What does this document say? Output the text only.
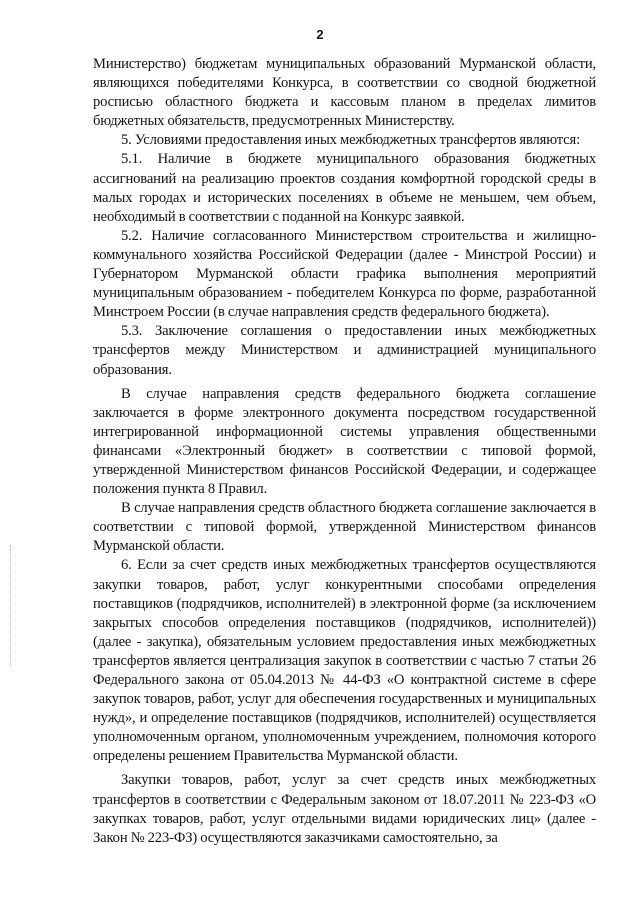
2

Министерство) бюджетам муниципальных образований Мурманской области, являющихся победителями Конкурса, в соответствии со сводной бюджетной росписью областного бюджета и кассовым планом в пределах лимитов бюджетных обязательств, предусмотренных Министерству.

5. Условиями предоставления иных межбюджетных трансфертов являются:

5.1. Наличие в бюджете муниципального образования бюджетных ассигнований на реализацию проектов создания комфортной городской среды в малых городах и исторических поселениях в объеме не меньшем, чем объем, необходимый в соответствии с поданной на Конкурс заявкой.

5.2. Наличие согласованного Министерством строительства и жилищно-коммунального хозяйства Российской Федерации (далее - Минстрой России) и Губернатором Мурманской области графика выполнения мероприятий муниципальным образованием - победителем Конкурса по форме, разработанной Минстроем России (в случае направления средств федерального бюджета).

5.3. Заключение соглашения о предоставлении иных межбюджетных трансфертов между Министерством и администрацией муниципального образования.

В случае направления средств федерального бюджета соглашение заключается в форме электронного документа посредством государственной интегрированной информационной системы управления общественными финансами «Электронный бюджет» в соответствии с типовой формой, утвержденной Министерством финансов Российской Федерации, и содержащее положения пункта 8 Правил.

В случае направления средств областного бюджета соглашение заключается в соответствии с типовой формой, утвержденной Министерством финансов Мурманской области.

6. Если за счет средств иных межбюджетных трансфертов осуществляются закупки товаров, работ, услуг конкурентными способами определения поставщиков (подрядчиков, исполнителей) в электронной форме (за исключением закрытых способов определения поставщиков (подрядчиков, исполнителей)) (далее - закупка), обязательным условием предоставления иных межбюджетных трансфертов является централизация закупок в соответствии с частью 7 статьи 26 Федерального закона от 05.04.2013 № 44-ФЗ «О контрактной системе в сфере закупок товаров, работ, услуг для обеспечения государственных и муниципальных нужд», и определение поставщиков (подрядчиков, исполнителей) осуществляется уполномоченным органом, уполномоченным учреждением, полномочия которого определены решением Правительства Мурманской области.

Закупки товаров, работ, услуг за счет средств иных межбюджетных трансфертов в соответствии с Федеральным законом от 18.07.2011 № 223-ФЗ «О закупках товаров, работ, услуг отдельными видами юридических лиц» (далее - Закон № 223-ФЗ) осуществляются заказчиками самостоятельно, за
